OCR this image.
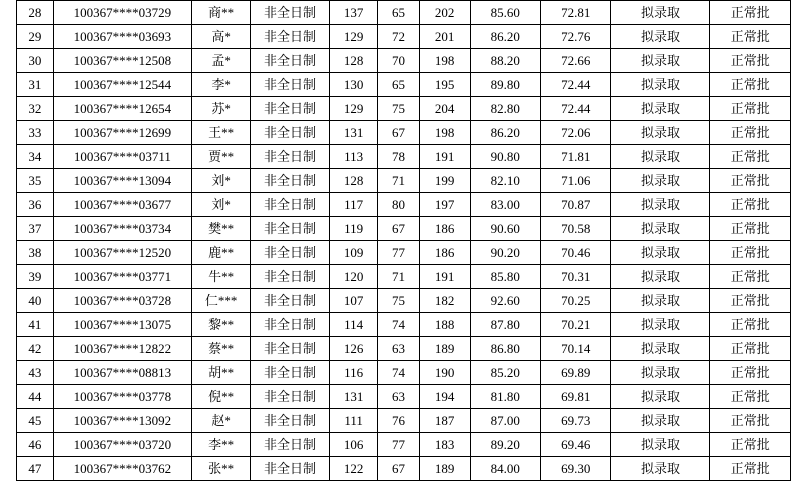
28	100367****03729	商**	非全日制	137	65	202	85.60	72.81	拟录取	正常批
29	100367****03693	高*	非全日制	129	72	201	86.20	72.76	拟录取	正常批
30	100367****12508	孟*	非全日制	128	70	198	88.20	72.66	拟录取	正常批
31	100367****12544	李*	非全日制	130	65	195	89.80	72.44	拟录取	正常批
32	100367****12654	苏*	非全日制	129	75	204	82.80	72.44	拟录取	正常批
33	100367****12699	王**	非全日制	131	67	198	86.20	72.06	拟录取	正常批
34	100367****03711	贾**	非全日制	113	78	191	90.80	71.81	拟录取	正常批
35	100367****13094	刘*	非全日制	128	71	199	82.10	71.06	拟录取	正常批
36	100367****03677	刘*	非全日制	117	80	197	83.00	70.87	拟录取	正常批
37	100367****03734	樊**	非全日制	119	67	186	90.60	70.58	拟录取	正常批
38	100367****12520	鹿**	非全日制	109	77	186	90.20	70.46	拟录取	正常批
39	100367****03771	牛**	非全日制	120	71	191	85.80	70.31	拟录取	正常批
40	100367****03728	仁***	非全日制	107	75	182	92.60	70.25	拟录取	正常批
41	100367****13075	黎**	非全日制	114	74	188	87.80	70.21	拟录取	正常批
42	100367****12822	蔡**	非全日制	126	63	189	86.80	70.14	拟录取	正常批
43	100367****08813	胡**	非全日制	116	74	190	85.20	69.89	拟录取	正常批
44	100367****03778	倪**	非全日制	131	63	194	81.80	69.81	拟录取	正常批
45	100367****13092	赵*	非全日制	111	76	187	87.00	69.73	拟录取	正常批
46	100367****03720	李**	非全日制	106	77	183	89.20	69.46	拟录取	正常批
47	100367****03762	张**	非全日制	122	67	189	84.00	69.30	拟录取	正常批
